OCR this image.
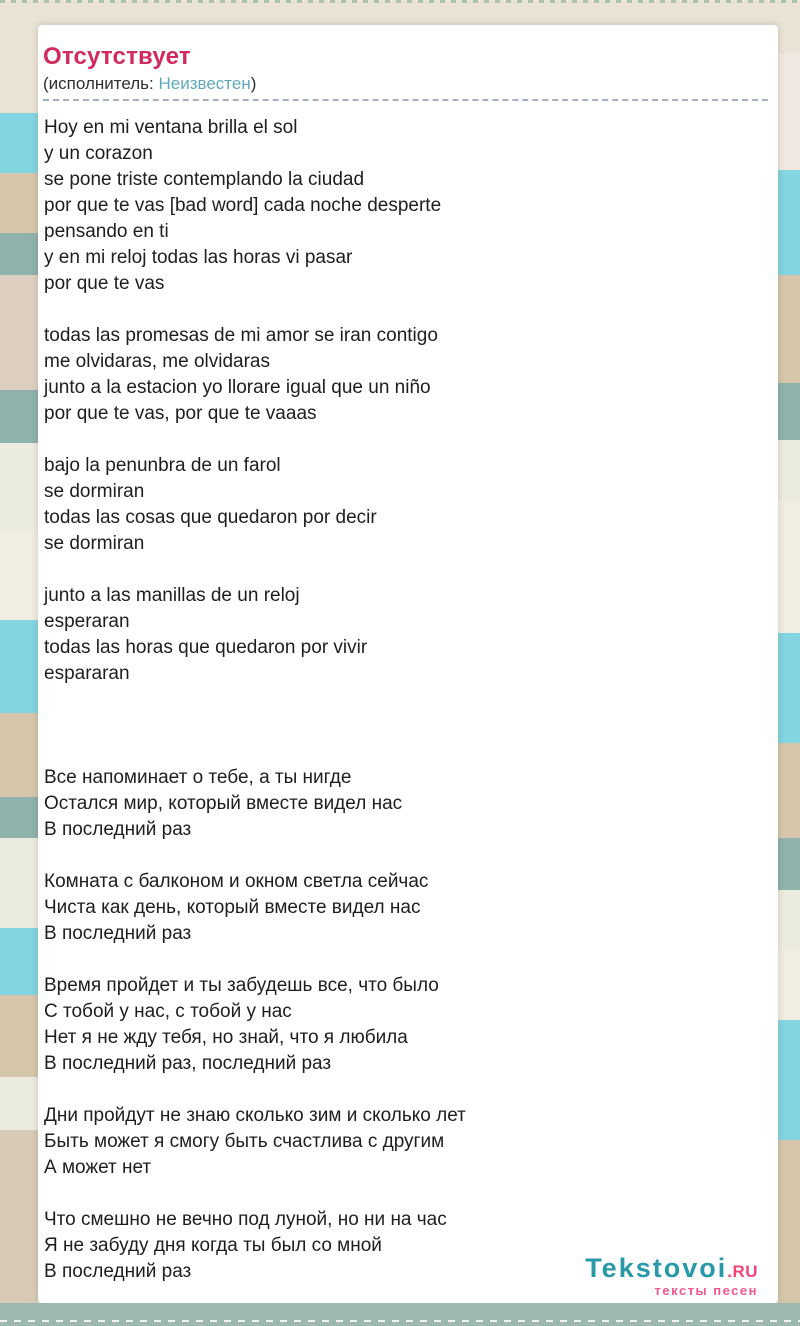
Отсутствует
(исполнитель: Неизвестен)
Hoy en mi ventana brilla el sol
y un corazon
se pone triste contemplando la ciudad
por que te vas [bad word] cada noche desperte
pensando en ti
y en mi reloj todas las horas vi pasar
por que te vas

todas las promesas de mi amor se iran contigo
me olvidaras, me olvidaras
junto a la estacion yo llorare igual que un niño
por que te vas, por que te vaaas

bajo la penunbra de un farol
se dormiran
todas las cosas que quedaron por decir
se dormiran

junto a las manillas de un reloj
esperaran
todas las horas que quedaron por vivir
espararan

Все напоминает о тебе, а ты нигде
Остался мир, который вместе видел нас
В последний раз

Комната с балконом и окном светла сейчас
Чиста как день, который вместе видел нас
В последний раз

Время пройдет и ты забудешь все, что было
С тобой у нас, с тобой у нас
Нет я не жду тебя, но знай, что я любила
В последний раз, последний раз

Дни пройдут не знаю сколько зим и сколько лет
Быть может я смогу быть счастлива с другим
А может нет

Что смешно не вечно под луной, но ни на час
Я не забуду дня когда ты был со мной
В последний раз	Tekstovoi.RU
тексты песен
